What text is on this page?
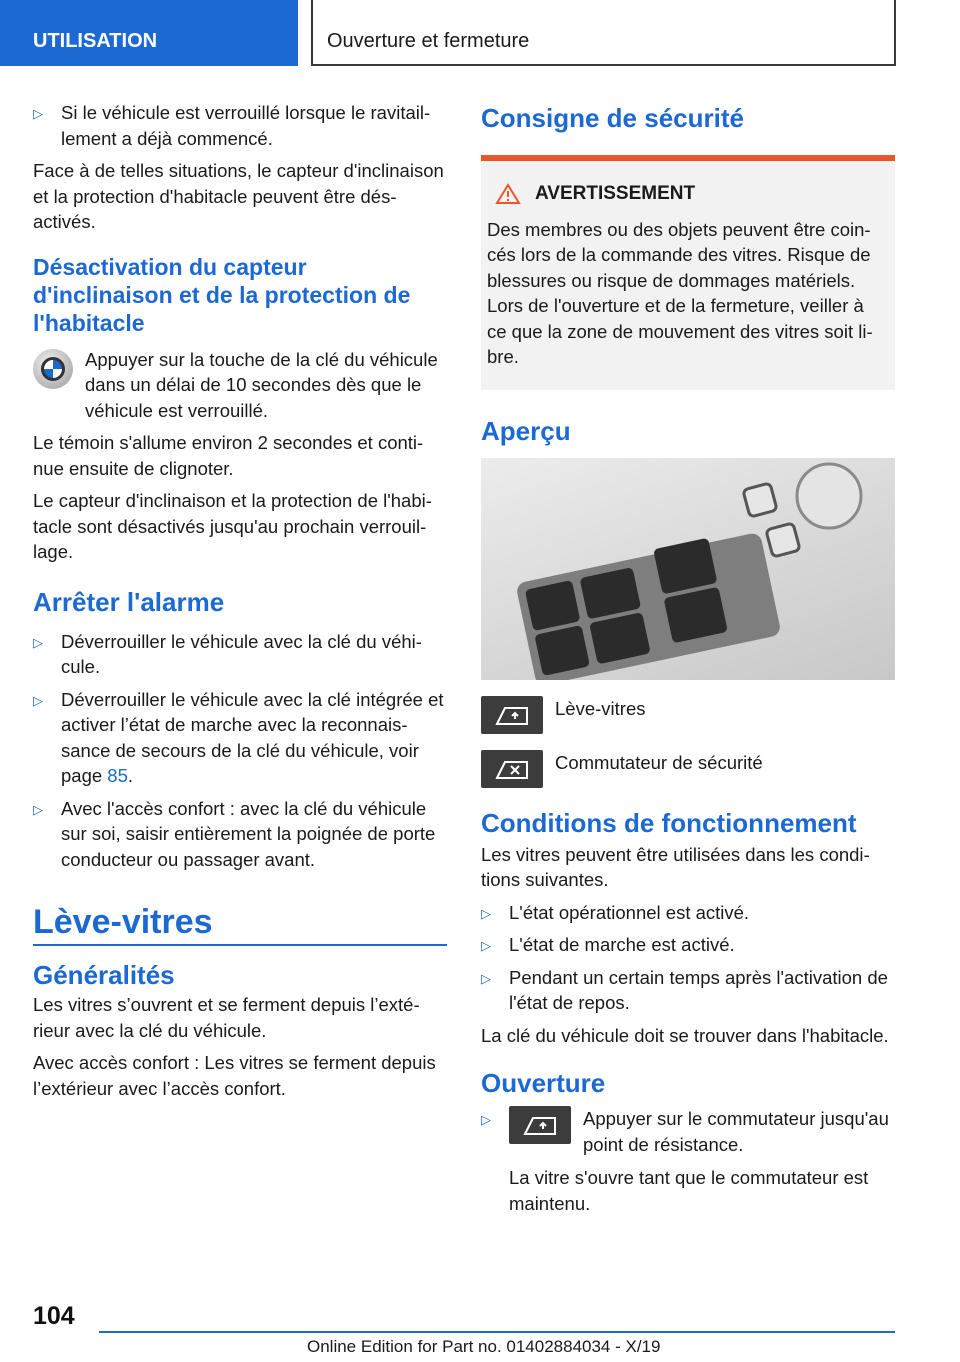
UTILISATION	Ouverture et fermeture
▷ Si le véhicule est verrouillé lorsque le ravitaillement a déjà commencé.

Face à de telles situations, le capteur d'inclinaison et la protection d'habitacle peuvent être désactivés.

Désactivation du capteur d'inclinaison et de la protection de l'habitacle

Appuyer sur la touche de la clé du véhicule dans un délai de 10 secondes dès que le véhicule est verrouillé.

Le témoin s'allume environ 2 secondes et continue ensuite de clignoter.

Le capteur d'inclinaison et la protection de l'habitacle sont désactivés jusqu'au prochain verrouillage.

Arrêter l'alarme
▷ Déverrouiller le véhicule avec la clé du véhicule.
▷ Déverrouiller le véhicule avec la clé intégrée et activer l’état de marche avec la reconnaissance de secours de la clé du véhicule, voir page 85.
▷ Avec l'accès confort : avec la clé du véhicule sur soi, saisir entièrement la poignée de porte conducteur ou passager avant.
Lève-vitres
Généralités

Les vitres s’ouvrent et se ferment depuis l’extérieur avec la clé du véhicule.

Avec accès confort : Les vitres se ferment depuis l’extérieur avec l’accès confort.

Consigne de sécurité
AVERTISSEMENT

Des membres ou des objets peuvent être coincés lors de la commande des vitres. Risque de blessures ou risque de dommages matériels. Lors de l'ouverture et de la fermeture, veiller à ce que la zone de mouvement des vitres soit libre.

Aperçu
Lève-vitres
Commutateur de sécurité
Conditions de fonctionnement

Les vitres peuvent être utilisées dans les conditions suivantes.

▷ L'état opérationnel est activé.
▷ L'état de marche est activé.
▷ Pendant un certain temps après l'activation de l'état de repos.

La clé du véhicule doit se trouver dans l'habitacle.

Ouverture
▷	Appuyer sur le commutateur jusqu'au point de résistance.

La vitre s'ouvre tant que le commutateur est maintenu.

104
Online Edition for Part no. 01402884034 - X/19
